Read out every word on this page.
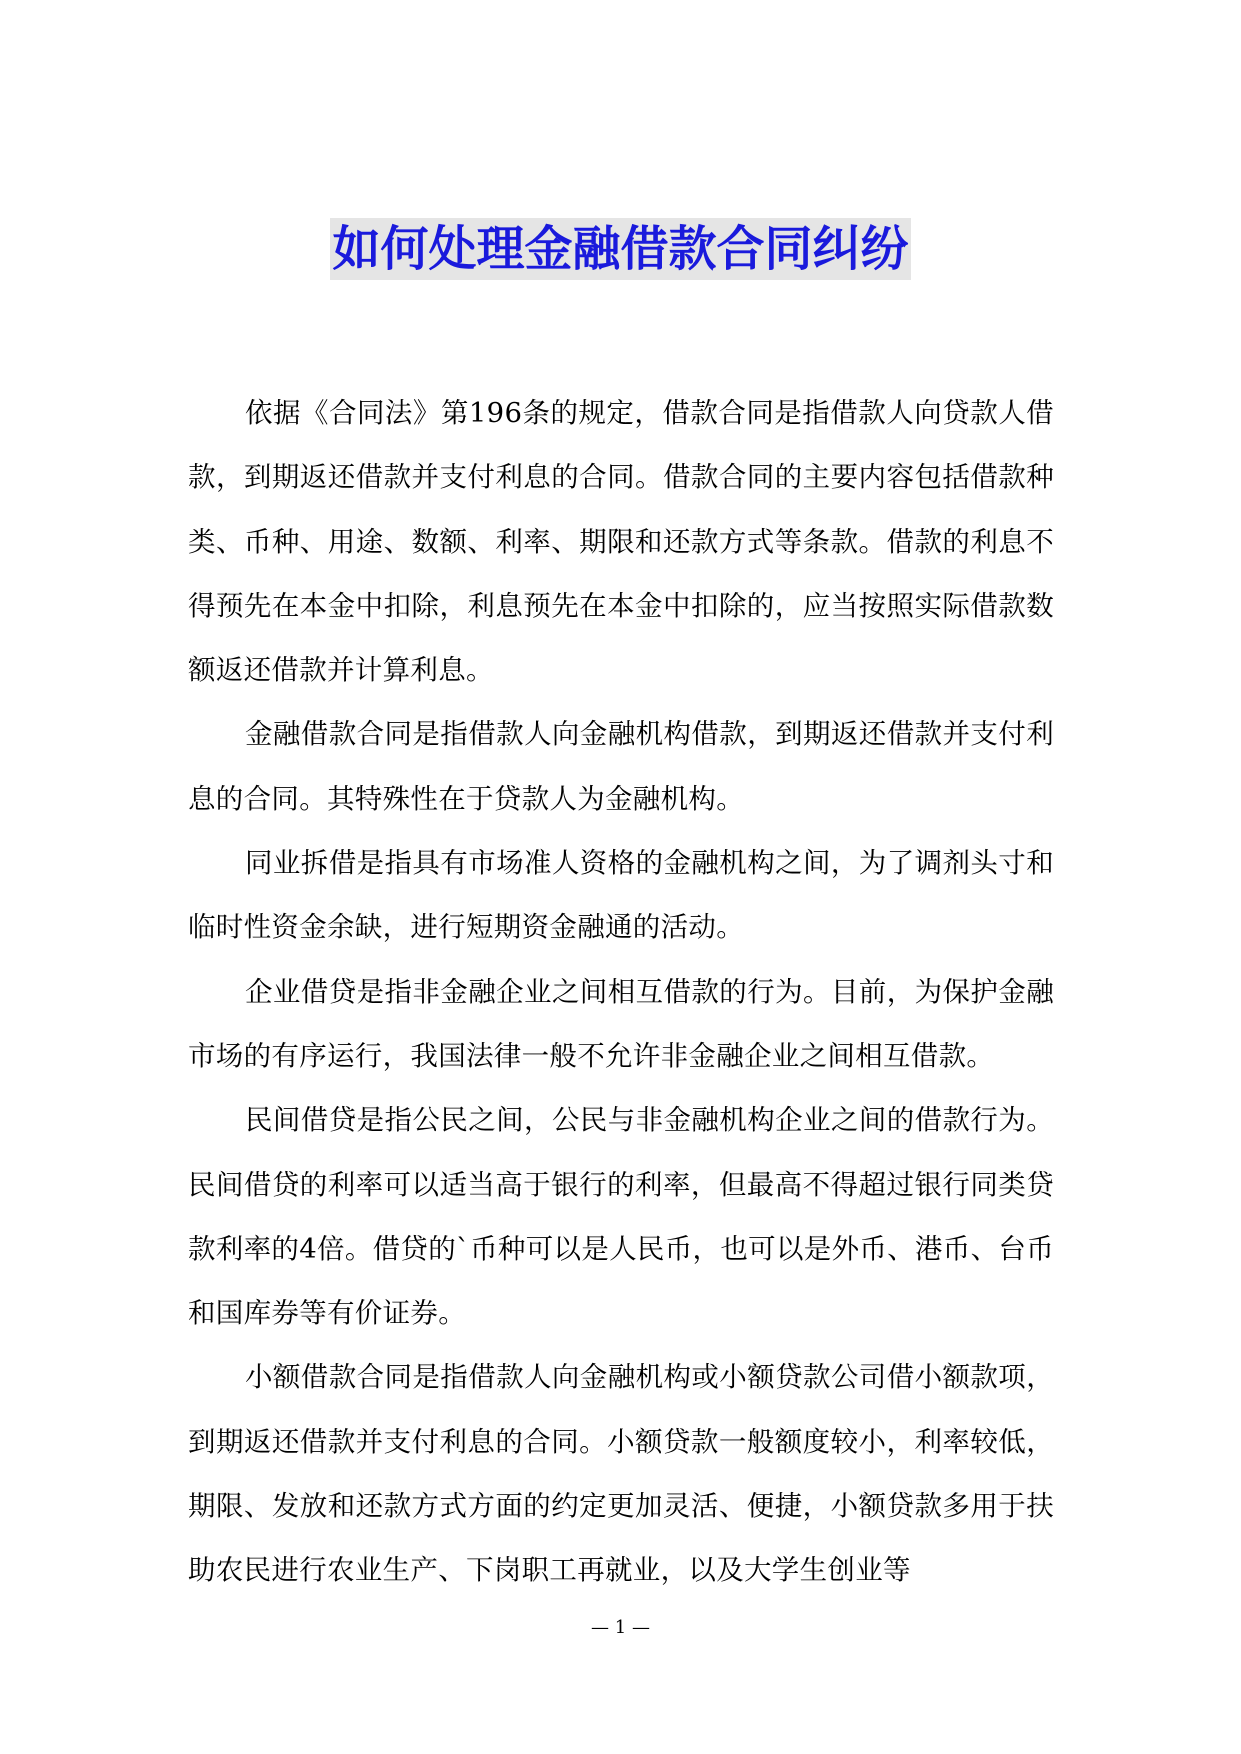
如何处理金融借款合同纠纷

依据《合同法》第196条的规定，借款合同是指借款人向贷款人借款，到期返还借款并支付利息的合同。借款合同的主要内容包括借款种类、币种、用途、数额、利率、期限和还款方式等条款。借款的利息不得预先在本金中扣除，利息预先在本金中扣除的，应当按照实际借款数额返还借款并计算利息。

金融借款合同是指借款人向金融机构借款，到期返还借款并支付利息的合同。其特殊性在于贷款人为金融机构。

同业拆借是指具有市场准人资格的金融机构之间，为了调剂头寸和临时性资金余缺，进行短期资金融通的活动。

企业借贷是指非金融企业之间相互借款的行为。目前，为保护金融市场的有序运行，我国法律一般不允许非金融企业之间相互借款。

民间借贷是指公民之间，公民与非金融机构企业之间的借款行为。民间借贷的利率可以适当高于银行的利率，但最高不得超过银行同类贷款利率的4倍。借贷的`币种可以是人民币，也可以是外币、港币、台币和国库券等有价证券。

小额借款合同是指借款人向金融机构或小额贷款公司借小额款项，到期返还借款并支付利息的合同。小额贷款一般额度较小，利率较低，期限、发放和还款方式方面的约定更加灵活、便捷，小额贷款多用于扶助农民进行农业生产、下岗职工再就业，以及大学生创业等

— 1 —
